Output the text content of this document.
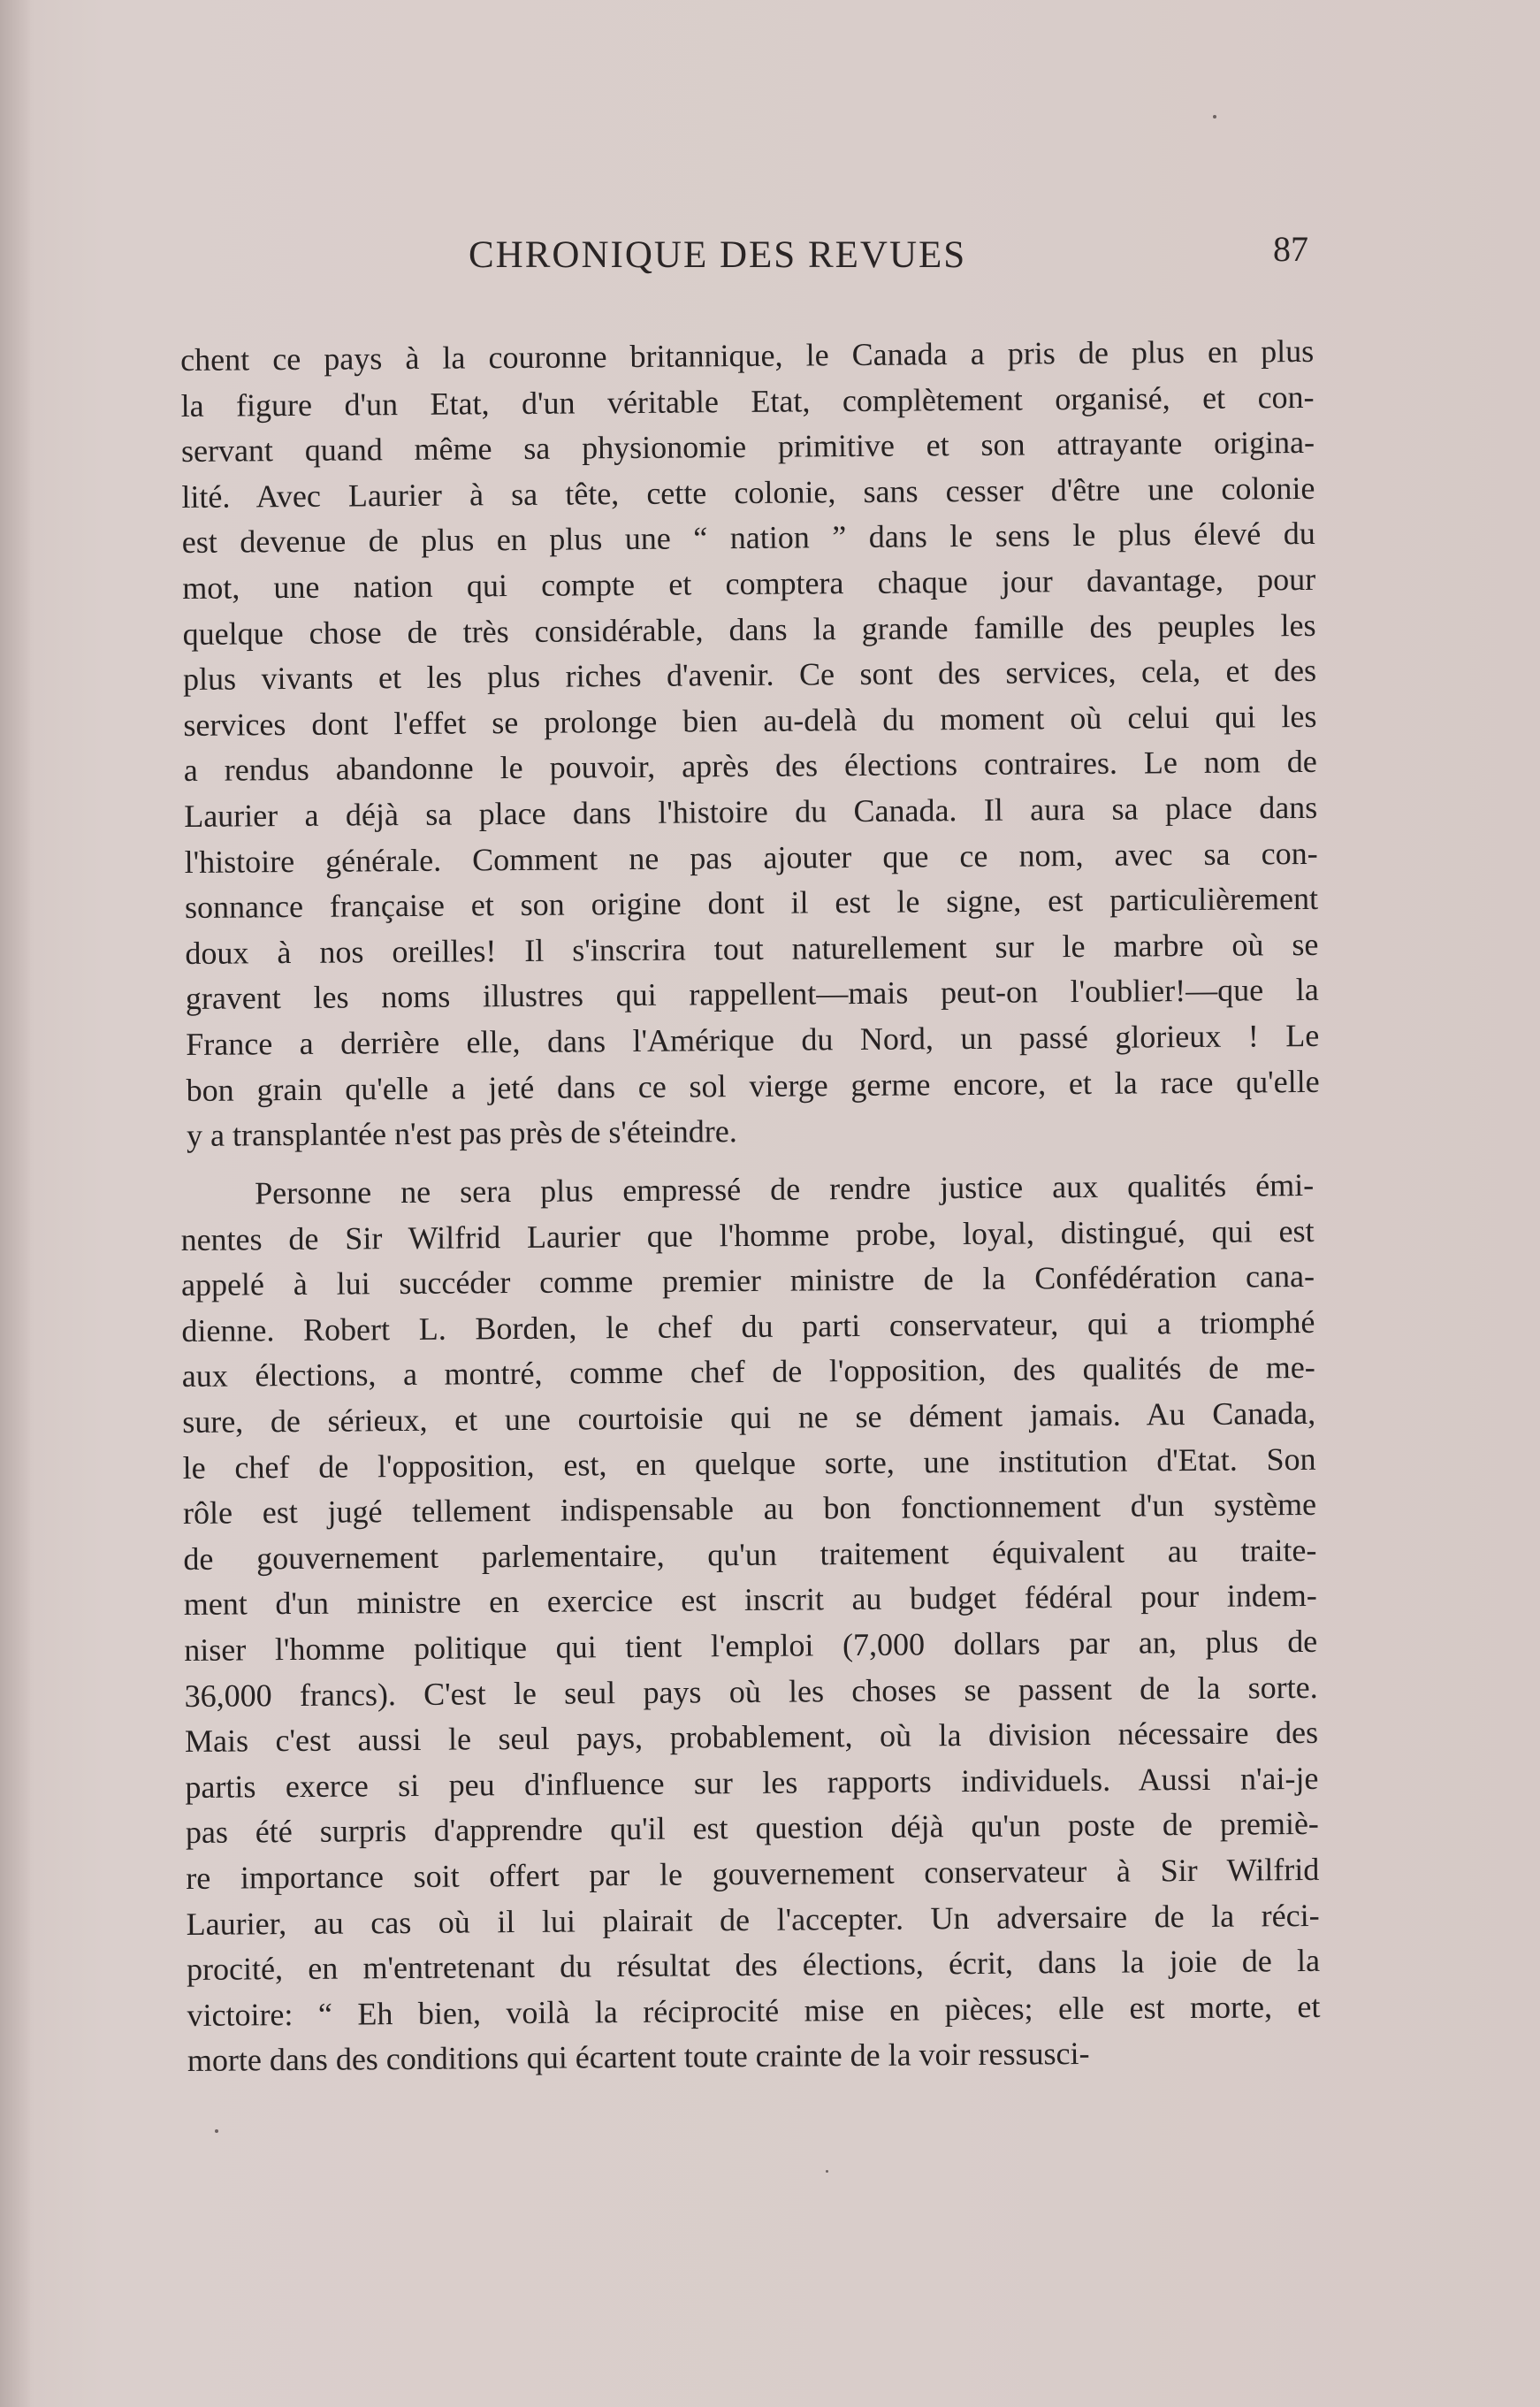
CHRONIQUE DES REVUES	87

chent ce pays à la couronne britannique, le Canada a pris de plus en plus
la figure d'un Etat, d'un véritable Etat, complètement organisé, et con-
servant quand même sa physionomie primitive et son attrayante origina-
lité. Avec Laurier à sa tête, cette colonie, sans cesser d'être une colonie
est devenue de plus en plus une “ nation ” dans le sens le plus élevé du
mot, une nation qui compte et comptera chaque jour davantage, pour
quelque chose de très considérable, dans la grande famille des peuples les
plus vivants et les plus riches d'avenir. Ce sont des services, cela, et des
services dont l'effet se prolonge bien au-delà du moment où celui qui les
a rendus abandonne le pouvoir, après des élections contraires. Le nom de
Laurier a déjà sa place dans l'histoire du Canada. Il aura sa place dans
l'histoire générale. Comment ne pas ajouter que ce nom, avec sa con-
sonnance française et son origine dont il est le signe, est particulièrement
doux à nos oreilles! Il s'inscrira tout naturellement sur le marbre où se
gravent les noms illustres qui rappellent—mais peut-on l'oublier!—que la
France a derrière elle, dans l'Amérique du Nord, un passé glorieux ! Le
bon grain qu'elle a jeté dans ce sol vierge germe encore, et la race qu'elle
y a transplantée n'est pas près de s'éteindre.

Personne ne sera plus empressé de rendre justice aux qualités émi-
nentes de Sir Wilfrid Laurier que l'homme probe, loyal, distingué, qui est
appelé à lui succéder comme premier ministre de la Confédération cana-
dienne. Robert L. Borden, le chef du parti conservateur, qui a triomphé
aux élections, a montré, comme chef de l'opposition, des qualités de me-
sure, de sérieux, et une courtoisie qui ne se dément jamais. Au Canada,
le chef de l'opposition, est, en quelque sorte, une institution d'Etat. Son
rôle est jugé tellement indispensable au bon fonctionnement d'un système
de gouvernement parlementaire, qu'un traitement équivalent au traite-
ment d'un ministre en exercice est inscrit au budget fédéral pour indem-
niser l'homme politique qui tient l'emploi (7,000 dollars par an, plus de
36,000 francs). C'est le seul pays où les choses se passent de la sorte.
Mais c'est aussi le seul pays, probablement, où la division nécessaire des
partis exerce si peu d'influence sur les rapports individuels. Aussi n'ai-je
pas été surpris d'apprendre qu'il est question déjà qu'un poste de premiè-
re importance soit offert par le gouvernement conservateur à Sir Wilfrid
Laurier, au cas où il lui plairait de l'accepter. Un adversaire de la réci-
procité, en m'entretenant du résultat des élections, écrit, dans la joie de la
victoire: “ Eh bien, voilà la réciprocité mise en pièces; elle est morte, et
morte dans des conditions qui écartent toute crainte de la voir ressusci-
